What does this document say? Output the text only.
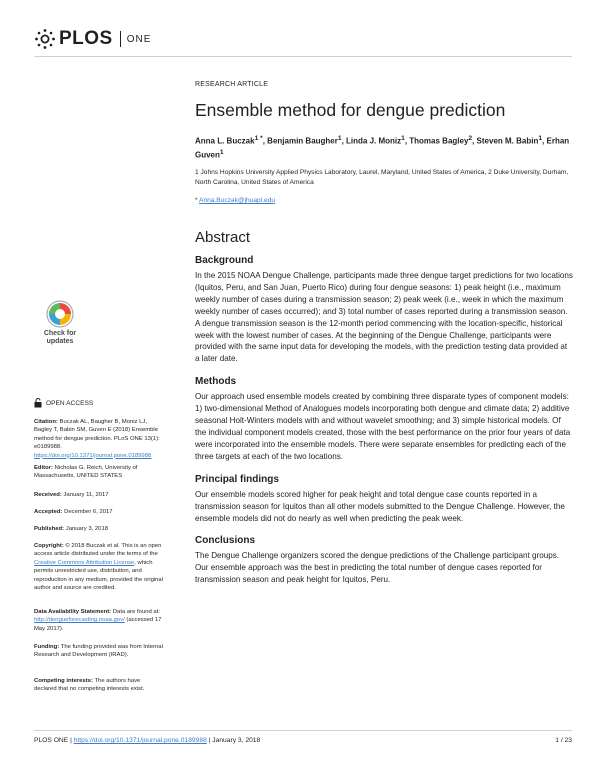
PLOS ONE
RESEARCH ARTICLE
Ensemble method for dengue prediction
Anna L. Buczak$^{1 *}$, Benjamin Baugher$^1$, Linda J. Moniz$^1$, Thomas Bagley$^2$, Steven M. Babin$^1$, Erhan Guven$^1$
1 Johns Hopkins University Applied Physics Laboratory, Laurel, Maryland, United States of America, 2 Duke University, Durham, North Carolina, United States of America
* Anna.Buczak@jhuapl.edu
Abstract
Background

In the 2015 NOAA Dengue Challenge, participants made three dengue target predictions for two locations (Iquitos, Peru, and San Juan, Puerto Rico) during four dengue seasons: 1) peak height (i.e., maximum weekly number of cases during a transmission season; 2) peak week (i.e., week in which the maximum weekly number of cases occurred); and 3) total number of cases reported during a transmission season. A dengue transmission season is the 12-month period commencing with the location-specific, historical week with the lowest number of cases. At the beginning of the Dengue Challenge, participants were provided with the same input data for developing the models, with the prediction testing data provided at a later date.

Methods

Our approach used ensemble models created by combining three disparate types of component models: 1) two-dimensional Method of Analogues models incorporating both dengue and climate data; 2) additive seasonal Holt-Winters models with and without wavelet smoothing; and 3) simple historical models. Of the individual component models created, those with the best performance on the prior four years of data were incorporated into the ensemble models. There were separate ensembles for predicting each of the three targets at each of the two locations.

Principal findings

Our ensemble models scored higher for peak height and total dengue case counts reported in a transmission season for Iquitos than all other models submitted to the Dengue Challenge. However, the ensemble models did not do nearly as well when predicting the peak week.

Conclusions

The Dengue Challenge organizers scored the dengue predictions of the Challenge participant groups. Our ensemble approach was the best in predicting the total number of dengue cases reported for transmission season and peak height for Iquitos, Peru.

Check for
updates
OPEN ACCESS
Citation: Buczak AL, Baugher B, Moniz LJ, Bagley T, Babin SM, Guven E (2018) Ensemble method for dengue prediction. PLoS ONE 13(1): e0189988. https://doi.org/10.1371/journal.pone.0189988
Editor: Nicholas G. Reich, University of Massachusetts, UNITED STATES
Received: January 11, 2017
Accepted: December 6, 2017
Published: January 3, 2018
Copyright: © 2018 Buczak et al. This is an open access article distributed under the terms of the Creative Commons Attribution License, which permits unrestricted use, distribution, and reproduction in any medium, provided the original author and source are credited.
Data Availability Statement: Data are found at: http://dengueforecasting.noaa.gov/ (accessed 17 May 2017).
Funding: The funding provided was from Internal Research and Development (IRAD).
Competing interests: The authors have declared that no competing interests exist.
PLOS ONE | https://doi.org/10.1371/journal.pone.0189988 | January 3, 2018	1 / 23
